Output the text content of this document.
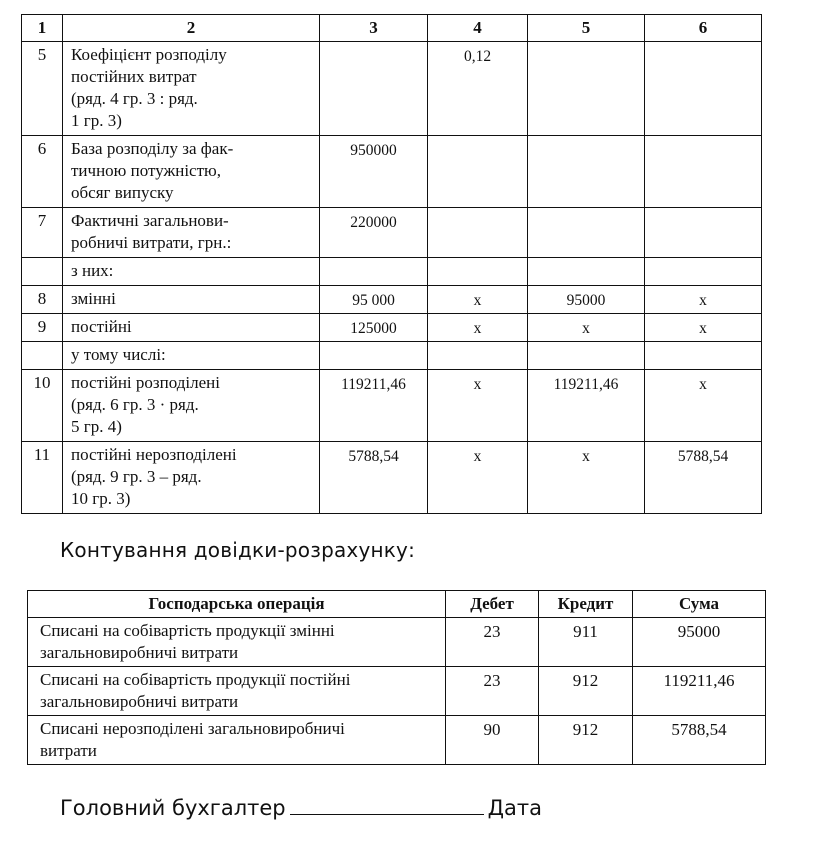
1	2	3	4	5	6
5	Коефіцієнт розподілу
постійних витрат
(ряд. 4 гр. 3 : ряд.
1 гр. 3)		0,12		
6	База розподілу за фак-
тичною потужністю,
обсяг випуску	950000			
7	Фактичні загальнови-
робничі витрати, грн.:	220000			

	з них:				

8	змінні	95 000	х	95000	х
9	постійні	125000	х	х	х

	у тому числі:				

10	постійні розподілені
(ряд. 6 гр. 3 · ряд.
5 гр. 4)	119211,46	х	119211,46	х
11	постійні нерозподілені
(ряд. 9 гр. 3 – ряд.
10 гр. 3)	5788,54	х	х	5788,54
Контування довідки-розрахунку:
Господарська операція	Дебет	Кредит	Сума

Списані на собівартість продукції змінні
загальновиробничі витрати	23	911	95000

Списані на собівартість продукції постійні
загальновиробничі витрати	23	912	119211,46

Списані нерозподілені загальновиробничі
витрати	90	912	5788,54
Головний бухгалтер	Дата
